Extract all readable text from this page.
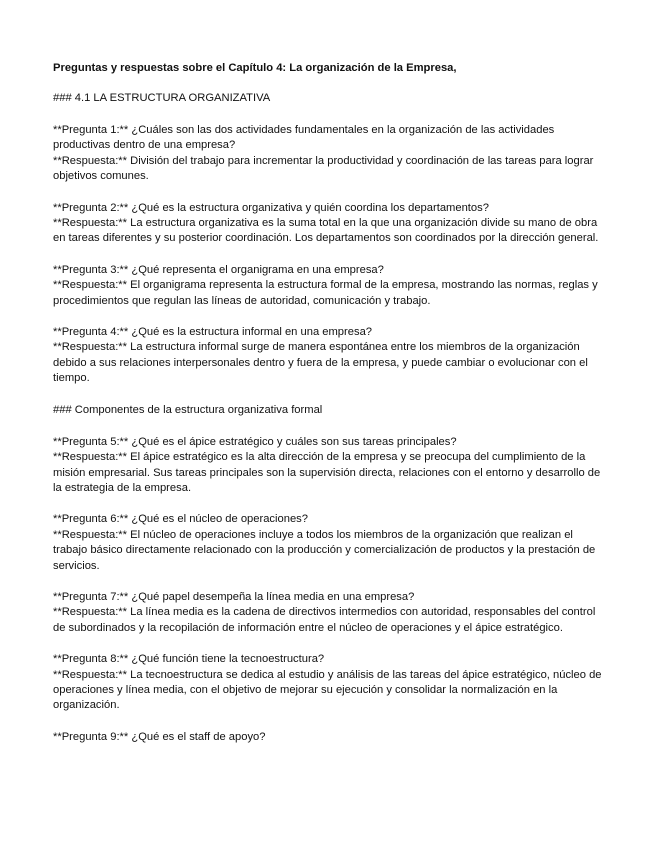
Preguntas y respuestas sobre el Capítulo 4: La organización de la Empresa,

### 4.1 LA ESTRUCTURA ORGANIZATIVA

**Pregunta 1:** ¿Cuáles son las dos actividades fundamentales en la organización de las actividades productivas dentro de una empresa?

**Respuesta:** División del trabajo para incrementar la productividad y coordinación de las tareas para lograr objetivos comunes.

**Pregunta 2:** ¿Qué es la estructura organizativa y quién coordina los departamentos?

**Respuesta:** La estructura organizativa es la suma total en la que una organización divide su mano de obra en tareas diferentes y su posterior coordinación. Los departamentos son coordinados por la dirección general.

**Pregunta 3:** ¿Qué representa el organigrama en una empresa?

**Respuesta:** El organigrama representa la estructura formal de la empresa, mostrando las normas, reglas y procedimientos que regulan las líneas de autoridad, comunicación y trabajo.

**Pregunta 4:** ¿Qué es la estructura informal en una empresa?

**Respuesta:** La estructura informal surge de manera espontánea entre los miembros de la organización debido a sus relaciones interpersonales dentro y fuera de la empresa, y puede cambiar o evolucionar con el tiempo.

### Componentes de la estructura organizativa formal

**Pregunta 5:** ¿Qué es el ápice estratégico y cuáles son sus tareas principales?

**Respuesta:** El ápice estratégico es la alta dirección de la empresa y se preocupa del cumplimiento de la misión empresarial. Sus tareas principales son la supervisión directa, relaciones con el entorno y desarrollo de la estrategia de la empresa.

**Pregunta 6:** ¿Qué es el núcleo de operaciones?

**Respuesta:** El núcleo de operaciones incluye a todos los miembros de la organización que realizan el trabajo básico directamente relacionado con la producción y comercialización de productos y la prestación de servicios.

**Pregunta 7:** ¿Qué papel desempeña la línea media en una empresa?

**Respuesta:** La línea media es la cadena de directivos intermedios con autoridad, responsables del control de subordinados y la recopilación de información entre el núcleo de operaciones y el ápice estratégico.

**Pregunta 8:** ¿Qué función tiene la tecnoestructura?

**Respuesta:** La tecnoestructura se dedica al estudio y análisis de las tareas del ápice estratégico, núcleo de operaciones y línea media, con el objetivo de mejorar su ejecución y consolidar la normalización en la organización.

**Pregunta 9:** ¿Qué es el staff de apoyo?
